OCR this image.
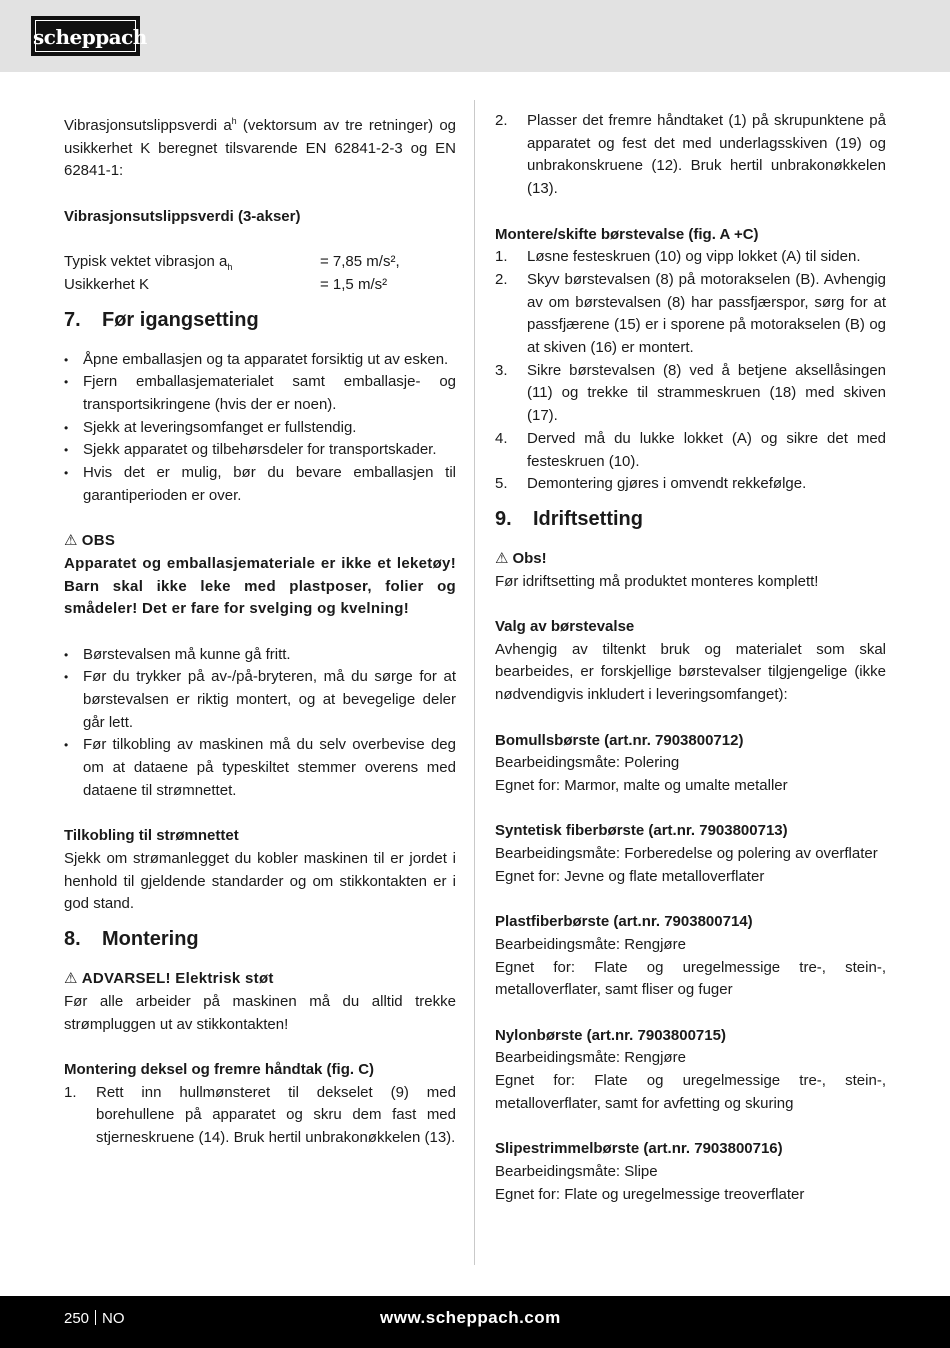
scheppach

Vibrasjonsutslippsverdi $a^h$ (vektorsum av tre retninger) og usikkerhet K beregnet tilsvarende EN 62841-2-3 og EN 62841-1:

Vibrasjonsutslippsverdi (3-akser)

Typisk vektet vibrasjon $a_h$	= 7,85 m/s²,
Usikkerhet K	= 1,5 m/s²
7. Før igangsetting
• Åpne emballasjen og ta apparatet forsiktig ut av esken.
• Fjern emballasjematerialet samt emballasje- og transportsikringene (hvis der er noen).
• Sjekk at leveringsomfanget er fullstendig.
• Sjekk apparatet og tilbehørsdeler for transportskader.
• Hvis det er mulig, bør du bevare emballasjen til garantiperioden er over.

⚠ OBS

Apparatet og emballasjemateriale er ikke et leketøy! Barn skal ikke leke med plastposer, folier og smådeler! Det er fare for svelging og kvelning!

• Børstevalsen må kunne gå fritt.
• Før du trykker på av-/på-bryteren, må du sørge for at børstevalsen er riktig montert, og at bevegelige deler går lett.
• Før tilkobling av maskinen må du selv overbevise deg om at dataene på typeskiltet stemmer overens med dataene til strømnettet.

Tilkobling til strømnettet

Sjekk om strømanlegget du kobler maskinen til er jordet i henhold til gjeldende standarder og om stikkontakten er i god stand.

8. Montering

⚠ ADVARSEL! Elektrisk støt

Før alle arbeider på maskinen må du alltid trekke strømpluggen ut av stikkontakten!

Montering deksel og fremre håndtak (fig. C)

1. Rett inn hullmønsteret til dekselet (9) med borehullene på apparatet og skru dem fast med stjerneskruene (14). Bruk hertil unbrakonøkkelen (13).
2. Plasser det fremre håndtaket (1) på skrupunktene på apparatet og fest det med underlagsskiven (19) og unbrakonskruene (12). Bruk hertil unbrakonøkkelen (13).

Montere/skifte børstevalse (fig. A +C)

1. Løsne festeskruen (10) og vipp lokket (A) til siden.
2. Skyv børstevalsen (8) på motorakselen (B). Avhengig av om børstevalsen (8) har passfjærspor, sørg for at passfjærene (15) er i sporene på motorakselen (B) og at skiven (16) er montert.
3. Sikre børstevalsen (8) ved å betjene aksellåsingen (11) og trekke til strammeskruen (18) med skiven (17).
4. Derved må du lukke lokket (A) og sikre det med festeskruen (10).
5. Demontering gjøres i omvendt rekkefølge.
9. Idriftsetting

⚠ Obs!

Før idriftsetting må produktet monteres komplett!

Valg av børstevalse

Avhengig av tiltenkt bruk og materialet som skal bearbeides, er forskjellige børstevalser tilgjengelige (ikke nødvendigvis inkludert i leveringsomfanget):

Bomullsbørste (art.nr. 7903800712)

Bearbeidingsmåte: Polering

Egnet for: Marmor, malte og umalte metaller

Syntetisk fiberbørste (art.nr. 7903800713)

Bearbeidingsmåte: Forberedelse og polering av overflater

Egnet for: Jevne og flate metalloverflater

Plastfiberbørste (art.nr. 7903800714)

Bearbeidingsmåte: Rengjøre

Egnet for: Flate og uregelmessige tre-, stein-, metalloverflater, samt fliser og fuger

Nylonbørste (art.nr. 7903800715)

Bearbeidingsmåte: Rengjøre

Egnet for: Flate og uregelmessige tre-, stein-, metalloverflater, samt for avfetting og skuring

Slipestrimmelbørste (art.nr. 7903800716)

Bearbeidingsmåte: Slipe

Egnet for: Flate og uregelmessige treoverflater

250 NO	www.scheppach.com
